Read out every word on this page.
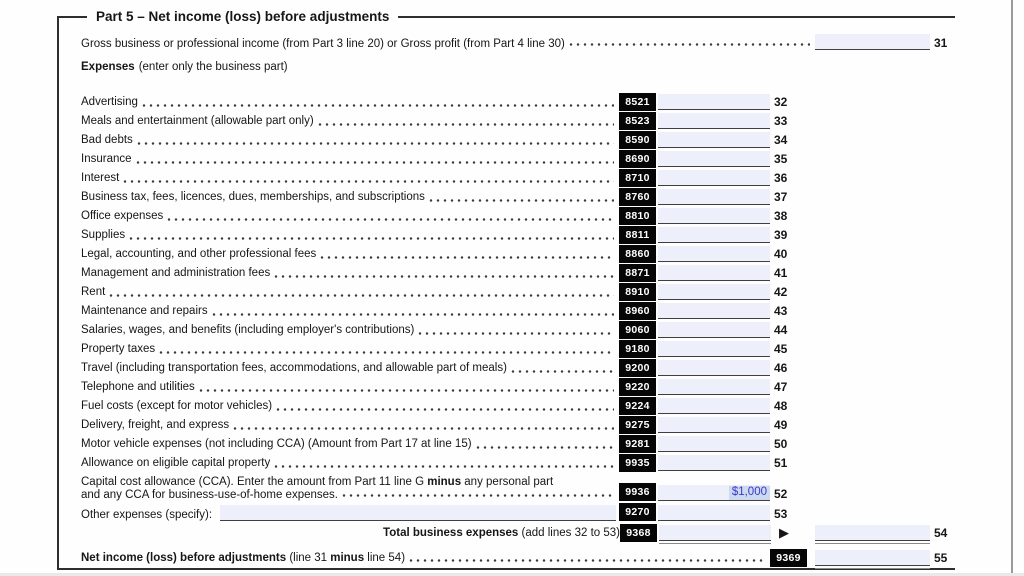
Part 5 – Net income (loss) before adjustments
Gross business or professional income (from Part 3 line 20) or Gross profit (from Part 4 line 30)	31
Expenses (enter only the business part)
Advertising	8521	32
Meals and entertainment (allowable part only)	8523	33
Bad debts	8590	34
Insurance	8690	35
Interest	8710	36
Business tax, fees, licences, dues, memberships, and subscriptions	8760	37
Office expenses	8810	38
Supplies	8811	39
Legal, accounting, and other professional fees	8860	40
Management and administration fees	8871	41
Rent	8910	42
Maintenance and repairs	8960	43
Salaries, wages, and benefits (including employer's contributions)	9060	44
Property taxes	9180	45
Travel (including transportation fees, accommodations, and allowable part of meals)	9200	46
Telephone and utilities	9220	47
Fuel costs (except for motor vehicles)	9224	48
Delivery, freight, and express	9275	49
Motor vehicle expenses (not including CCA) (Amount from Part 17 at line 15)	9281	50
Allowance on eligible capital property	9935	51
Capital cost allowance (CCA). Enter the amount from Part 11 line G minus any personal part
and any CCA for business-use-of-home expenses.	9936	$1,000 52
Other expenses (specify):	9270	53
Total business expenses (add lines 32 to 53) 9368	▶	54
Net income (loss) before adjustments (line 31 minus line 54)	9369	55
